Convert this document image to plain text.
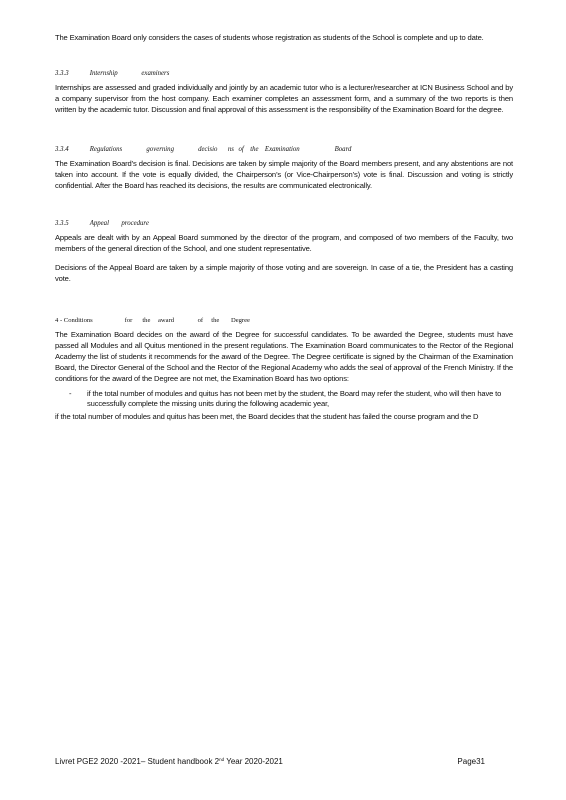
The Examination Board only considers the cases of students whose registration as students of the School is complete and up to date.

3.3.3	Internship	examiners

Internships are assessed and graded individually and jointly by an academic tutor who is a lecturer/researcher at ICN Business School and by a company supervisor from the host company. Each examiner completes an assessment form, and a summary of the two reports is then written by the academic tutor. Discussion and final approval of this assessment is the responsibility of the Examination Board for the degree.

3.3.4	Regulations	governing	decisio ns of the Examination	Board

The Examination Board’s decision is final. Decisions are taken by simple majority of the Board members present, and any abstentions are not taken into account. If the vote is equally divided, the Chairperson’s (or Vice-Chairperson’s) vote is final. Discussion and voting is strictly confidential. After the Board has reached its decisions, the results are communicated electronically.

3.3.5	Appeal procedure

Appeals are dealt with by an Appeal Board summoned by the director of the program, and composed of two members of the Faculty, two members of the general direction of the School, and one student representative.

Decisions of the Appeal Board are taken by a simple majority of those voting and are sovereign. In case of a tie, the President has a casting vote.

4 - Conditions	for the award	of the Degree

The Examination Board decides on the award of the Degree for successful candidates. To be awarded the Degree, students must have passed all Modules and all Quitus mentioned in the present regulations. The Examination Board communicates to the Rector of the Regional Academy the list of students it recommends for the award of the Degree. The Degree certificate is signed by the Chairman of the Examination Board, the Director General of the School and the Rector of the Regional Academy who adds the seal of approval of the French Ministry. If the conditions for the award of the Degree are not met, the Examination Board has two options:

- if the total number of modules and quitus has not been met by the student, the Board may refer the student, who will then have to successfully complete the missing units during the following academic year,

if the total number of modules and quitus has been met, the Board decides that the student has failed the course program and the D

Livret PGE2 2020 -2021– Student handbook 2nd Year 2020-2021	Page31
